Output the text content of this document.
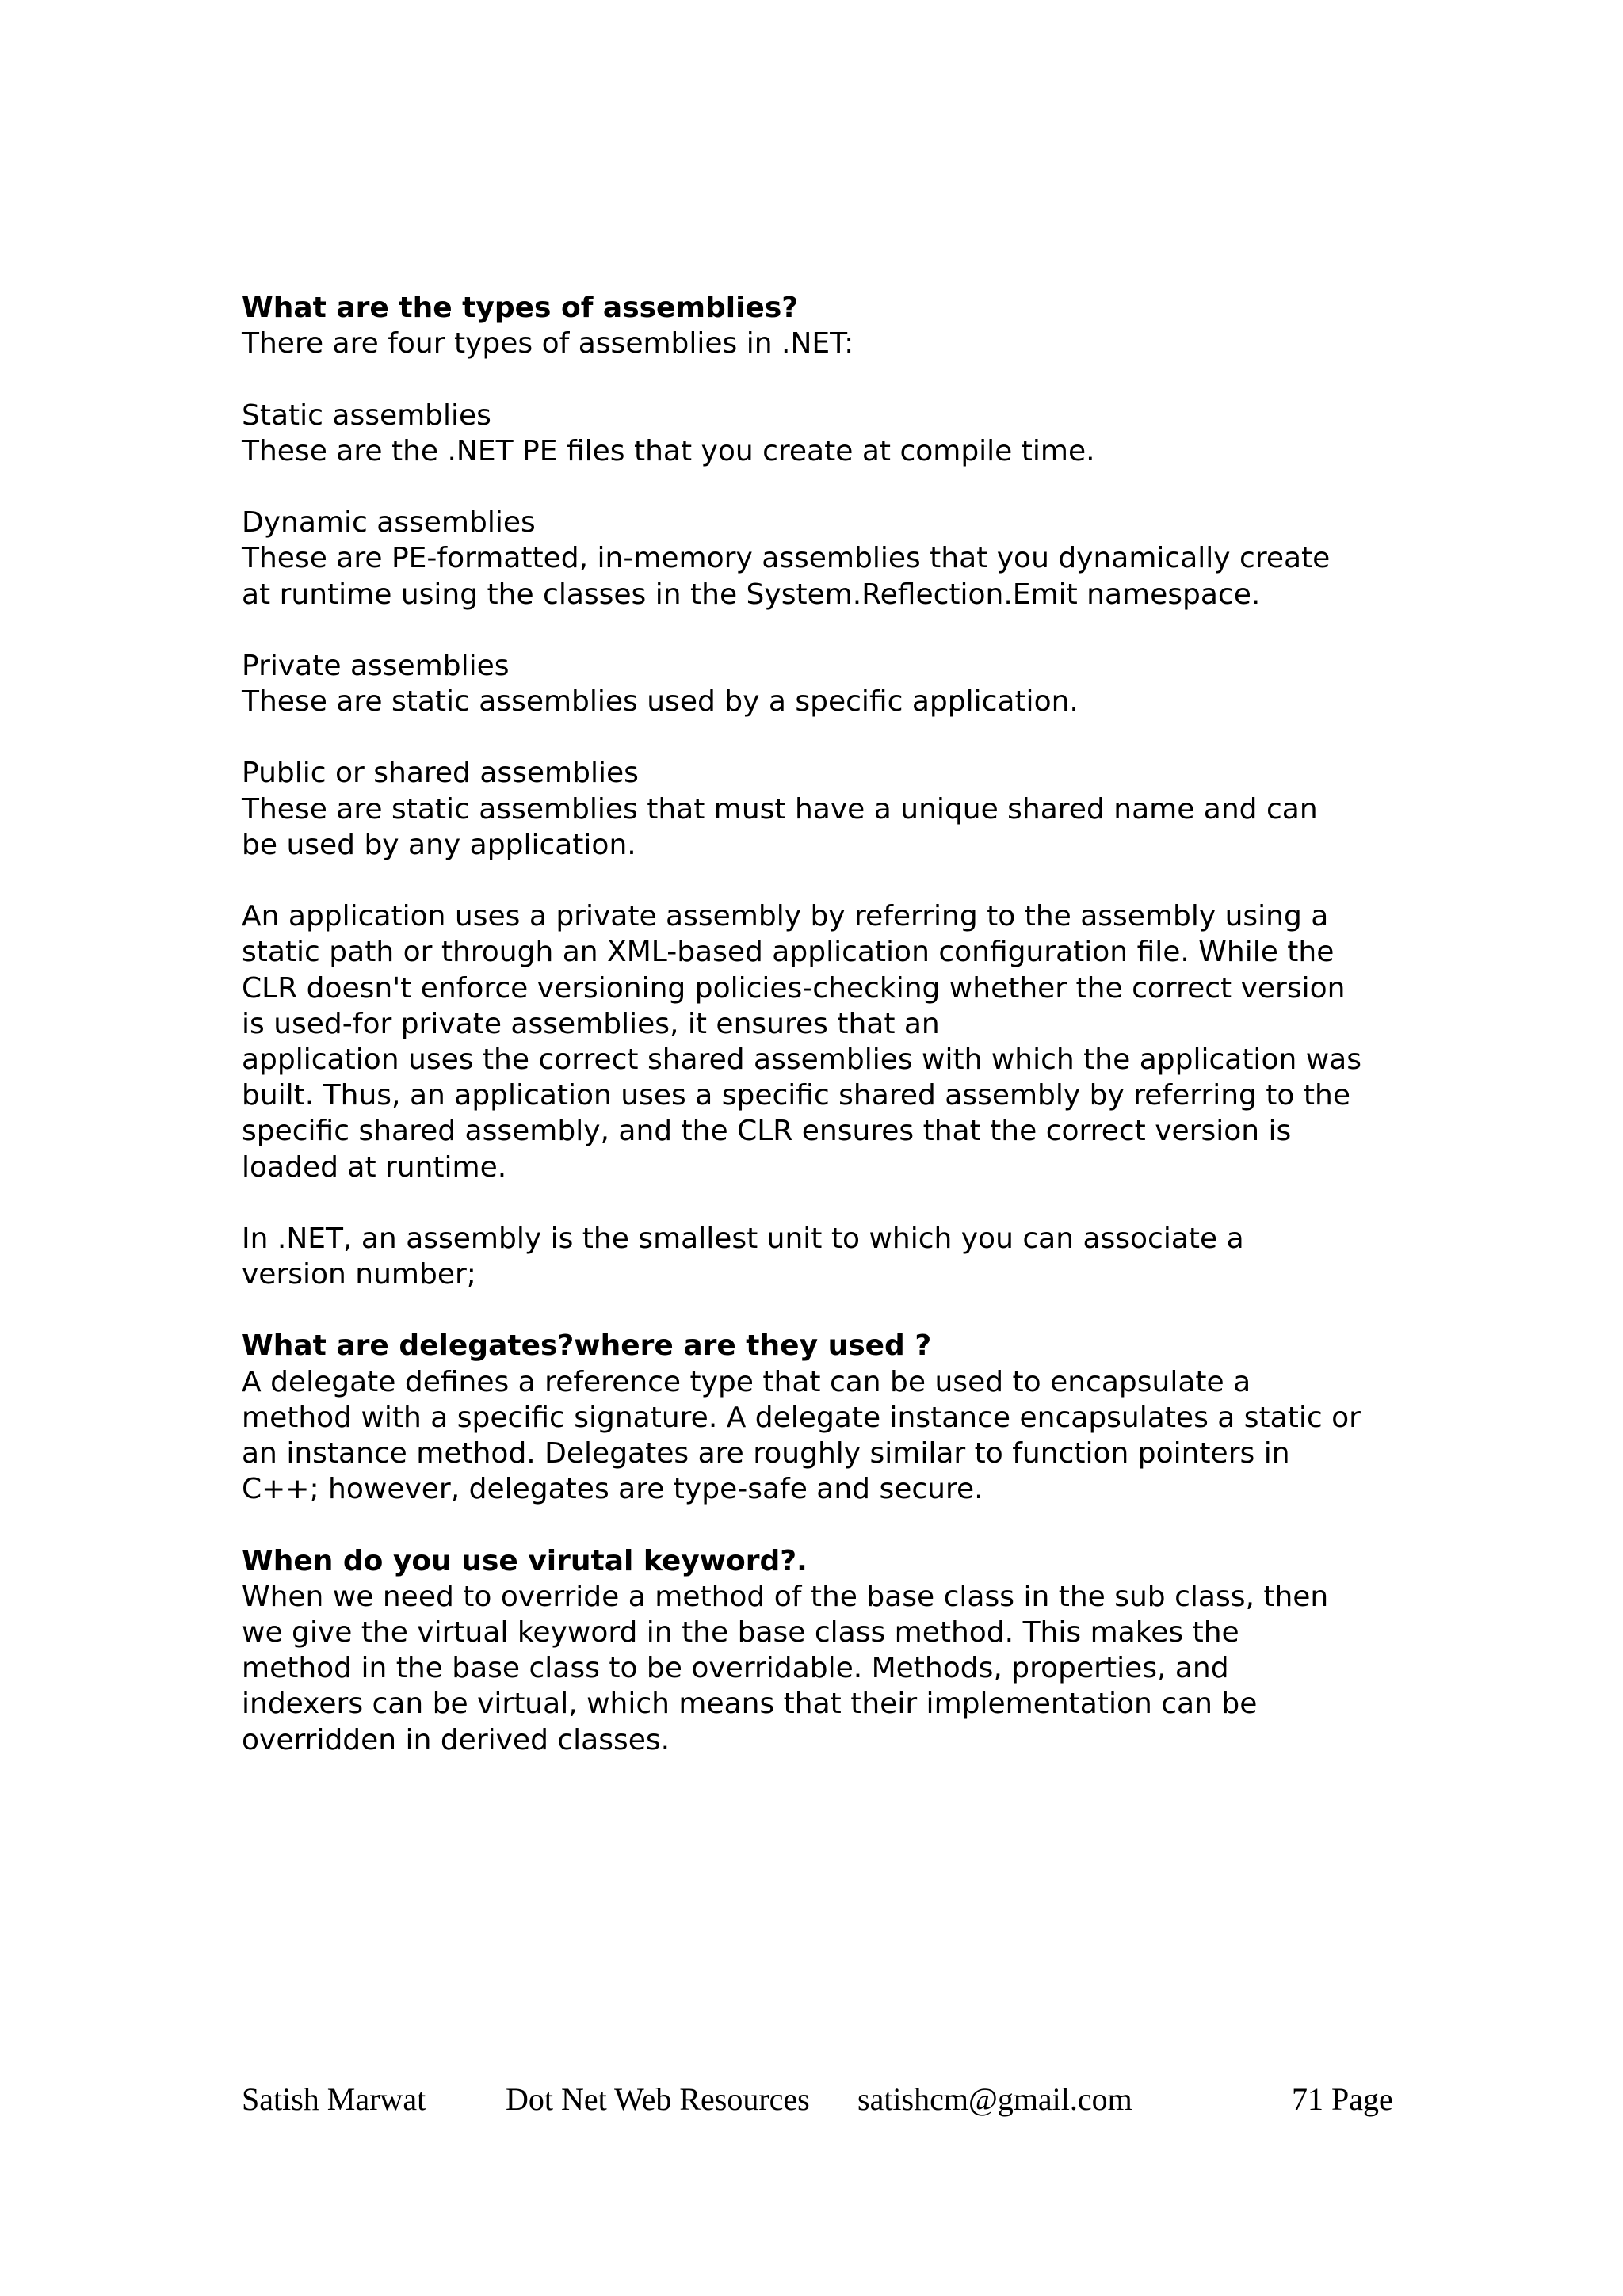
What are the types of assemblies?
There are four types of assemblies in .NET:
Static assemblies
These are the .NET PE files that you create at compile time.
Dynamic assemblies
These are PE-formatted, in-memory assemblies that you dynamically create
at runtime using the classes in the System.Reflection.Emit namespace.
Private assemblies
These are static assemblies used by a specific application.
Public or shared assemblies
These are static assemblies that must have a unique shared name and can
be used by any application.
An application uses a private assembly by referring to the assembly using a
static path or through an XML-based application configuration file. While the
CLR doesn't enforce versioning policies-checking whether the correct version
is used-for private assemblies, it ensures that an
application uses the correct shared assemblies with which the application was
built. Thus, an application uses a specific shared assembly by referring to the
specific shared assembly, and the CLR ensures that the correct version is
loaded at runtime.
In .NET, an assembly is the smallest unit to which you can associate a
version number;
What are delegates?where are they used ?
A delegate defines a reference type that can be used to encapsulate a
method with a specific signature. A delegate instance encapsulates a static or
an instance method. Delegates are roughly similar to function pointers in
C++; however, delegates are type-safe and secure.
When do you use virutal keyword?.
When we need to override a method of the base class in the sub class, then
we give the virtual keyword in the base class method. This makes the
method in the base class to be overridable. Methods, properties, and
indexers can be virtual, which means that their implementation can be
overridden in derived classes.
Satish Marwat	Dot Net Web Resources satishcm@gmail.com	71 Page
